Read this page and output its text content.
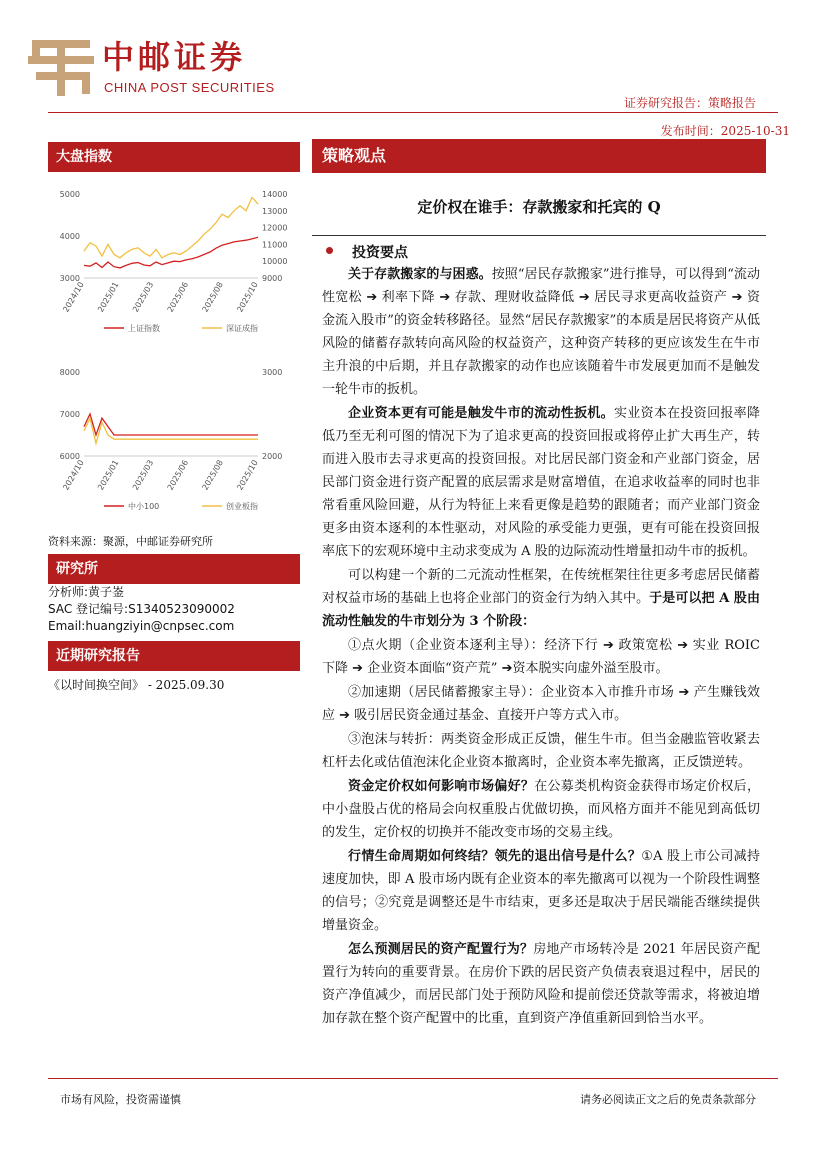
中邮证券
CHINA POST SECURITIES
证券研究报告：策略报告
发布时间：2025-10-31
大盘指数
3000
4000
5000
9000
10000
11000
12000
13000
14000
2024/10 2025/01 2025/03 2025/06 2025/08 2025/10
上证指数	深证成指
6000
7000
8000
2000
3000
2024/10 2025/01 2025/03 2025/06 2025/08 2025/10
中小100	创业板指
资料来源：聚源，中邮证券研究所
研究所
分析师:黄子崟
SAC 登记编号:S1340523090002
Email:huangziyin@cnpsec.com
近期研究报告
《以时间换空间》 - 2025.09.30
策略观点
定价权在谁手：存款搬家和托宾的 Q
投资要点

关于存款搬家的与困惑。按照“居民存款搬家”进行推导，可以得到“流动性宽松 ➔ 利率下降 ➔ 存款、理财收益降低 ➔ 居民寻求更高收益资产 ➔ 资金流入股市”的资金转移路径。显然“居民存款搬家”的本质是居民将资产从低风险的储蓄存款转向高风险的权益资产，这种资产转移的更应该发生在牛市主升浪的中后期，并且存款搬家的动作也应该随着牛市发展更加而不是触发一轮牛市的扳机。

企业资本更有可能是触发牛市的流动性扳机。实业资本在投资回报率降低乃至无利可图的情况下为了追求更高的投资回报或将停止扩大再生产，转而进入股市去寻求更高的投资回报。对比居民部门资金和产业部门资金，居民部门资金进行资产配置的底层需求是财富增值，在追求收益率的同时也非常看重风险回避，从行为特征上来看更像是趋势的跟随者；而产业部门资金更多由资本逐利的本性驱动，对风险的承受能力更强，更有可能在投资回报率底下的宏观环境中主动求变成为 A 股的边际流动性增量扣动牛市的扳机。

可以构建一个新的二元流动性框架，在传统框架往往更多考虑居民储蓄对权益市场的基础上也将企业部门的资金行为纳入其中。于是可以把 A 股由流动性触发的牛市划分为 3 个阶段：

①点火期（企业资本逐利主导）：经济下行 ➔ 政策宽松 ➔ 实业 ROIC 下降 ➔ 企业资本面临“资产荒” ➔资本脱实向虚外溢至股市。

②加速期（居民储蓄搬家主导）：企业资本入市推升市场 ➔ 产生赚钱效应 ➔ 吸引居民资金通过基金、直接开户等方式入市。

③泡沫与转折：两类资金形成正反馈，催生牛市。但当金融监管收紧去杠杆去化或估值泡沫化企业资本撤离时，企业资本率先撤离，正反馈逆转。

资金定价权如何影响市场偏好？在公募类机构资金获得市场定价权后，中小盘股占优的格局会向权重股占优做切换，而风格方面并不能见到高低切的发生，定价权的切换并不能改变市场的交易主线。

行情生命周期如何终结？领先的退出信号是什么？①A 股上市公司减持速度加快，即 A 股市场内既有企业资本的率先撤离可以视为一个阶段性调整的信号；②究竟是调整还是牛市结束，更多还是取决于居民端能否继续提供增量资金。

怎么预测居民的资产配置行为？房地产市场转冷是 2021 年居民资产配置行为转向的重要背景。在房价下跌的居民资产负债表衰退过程中，居民的资产净值减少，而居民部门处于预防风险和提前偿还贷款等需求，将被迫增加存款在整个资产配置中的比重，直到资产净值重新回到恰当水平。

市场有风险，投资需谨慎	请务必阅读正文之后的免责条款部分
